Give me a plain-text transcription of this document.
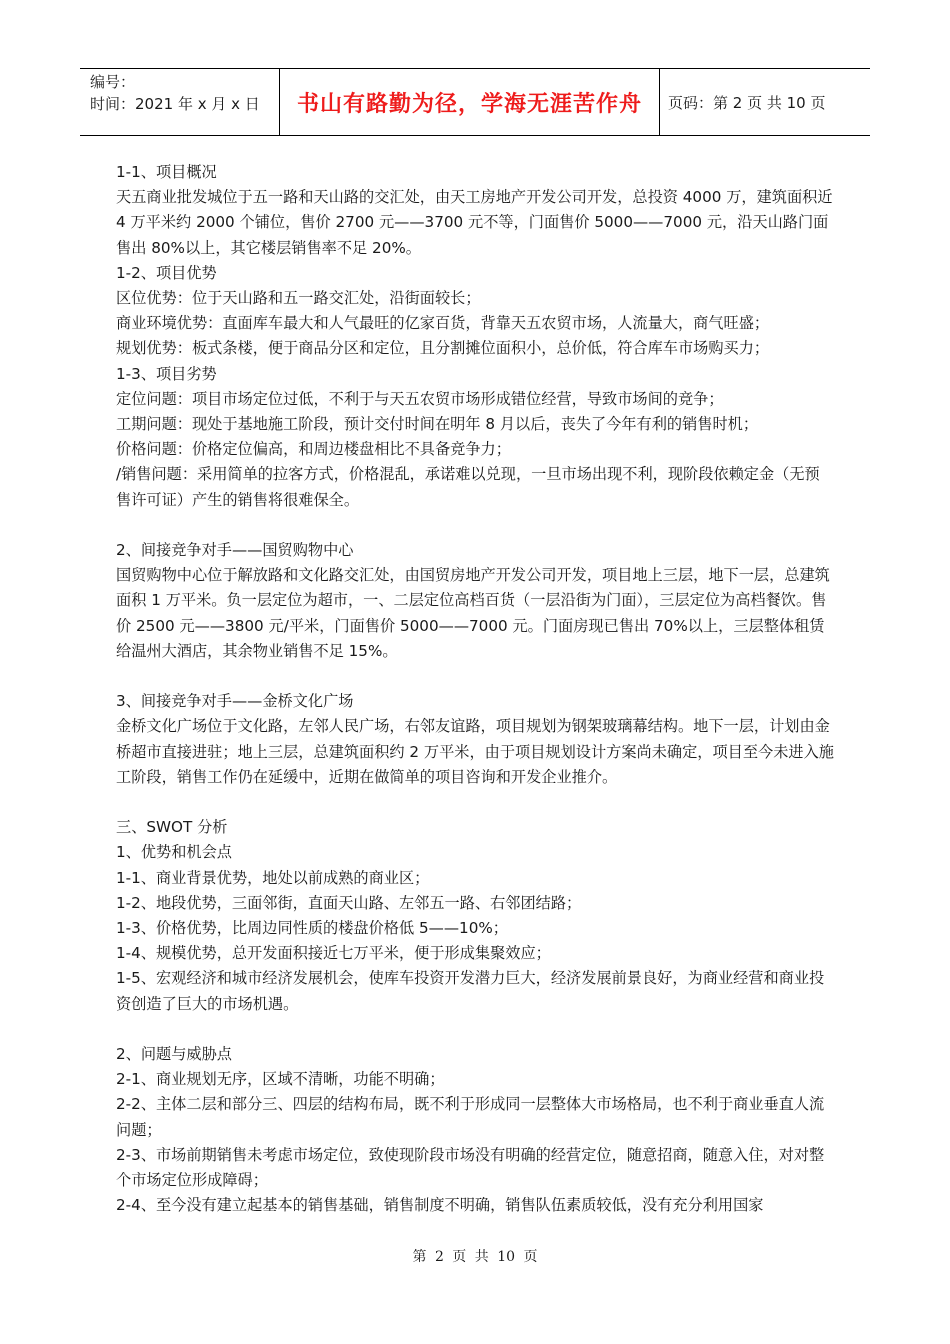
编号：
时间：2021 年 x 月 x 日	书山有路勤为径，学海无涯苦作舟	页码：第 2 页 共 10 页

1-1、项目概况

天五商业批发城位于五一路和天山路的交汇处，由天工房地产开发公司开发，总投资 4000 万，建筑面积近 4 万平米约 2000 个铺位，售价 2700 元——3700 元不等，门面售价 5000——7000 元，沿天山路门面售出 80%以上，其它楼层销售率不足 20%。

1-2、项目优势

区位优势：位于天山路和五一路交汇处，沿街面较长；

商业环境优势：直面库车最大和人气最旺的亿家百货，背靠天五农贸市场，人流量大，商气旺盛；

规划优势：板式条楼，便于商品分区和定位，且分割摊位面积小，总价低，符合库车市场购买力；

1-3、项目劣势

定位问题：项目市场定位过低，不利于与天五农贸市场形成错位经营，导致市场间的竞争；

工期问题：现处于基地施工阶段，预计交付时间在明年 8 月以后，丧失了今年有利的销售时机；

价格问题：价格定位偏高，和周边楼盘相比不具备竞争力；

/销售问题：采用简单的拉客方式，价格混乱，承诺难以兑现，一旦市场出现不利，现阶段依赖定金（无预售许可证）产生的销售将很难保全。

2、间接竞争对手——国贸购物中心

国贸购物中心位于解放路和文化路交汇处，由国贸房地产开发公司开发，项目地上三层，地下一层，总建筑面积 1 万平米。负一层定位为超市，一、二层定位高档百货（一层沿街为门面），三层定位为高档餐饮。售价 2500 元——3800 元/平米，门面售价 5000——7000 元。门面房现已售出 70%以上，三层整体租赁给温州大酒店，其余物业销售不足 15%。

3、间接竞争对手——金桥文化广场

金桥文化广场位于文化路，左邻人民广场，右邻友谊路，项目规划为钢架玻璃幕结构。地下一层，计划由金桥超市直接进驻；地上三层，总建筑面积约 2 万平米，由于项目规划设计方案尚未确定，项目至今未进入施工阶段，销售工作仍在延缓中，近期在做简单的项目咨询和开发企业推介。

三、SWOT 分析

1、优势和机会点

1-1、商业背景优势，地处以前成熟的商业区；

1-2、地段优势，三面邻街，直面天山路、左邻五一路、右邻团结路；

1-3、价格优势，比周边同性质的楼盘价格低 5——10%；

1-4、规模优势，总开发面积接近七万平米，便于形成集聚效应；

1-5、宏观经济和城市经济发展机会，使库车投资开发潜力巨大，经济发展前景良好，为商业经营和商业投资创造了巨大的市场机遇。

2、问题与威胁点

2-1、商业规划无序，区域不清晰，功能不明确；

2-2、主体二层和部分三、四层的结构布局，既不利于形成同一层整体大市场格局，也不利于商业垂直人流问题；

2-3、市场前期销售未考虑市场定位，致使现阶段市场没有明确的经营定位，随意招商，随意入住，对对整个市场定位形成障碍；

2-4、至今没有建立起基本的销售基础，销售制度不明确，销售队伍素质较低，没有充分利用国家

第 2 页 共 10 页
